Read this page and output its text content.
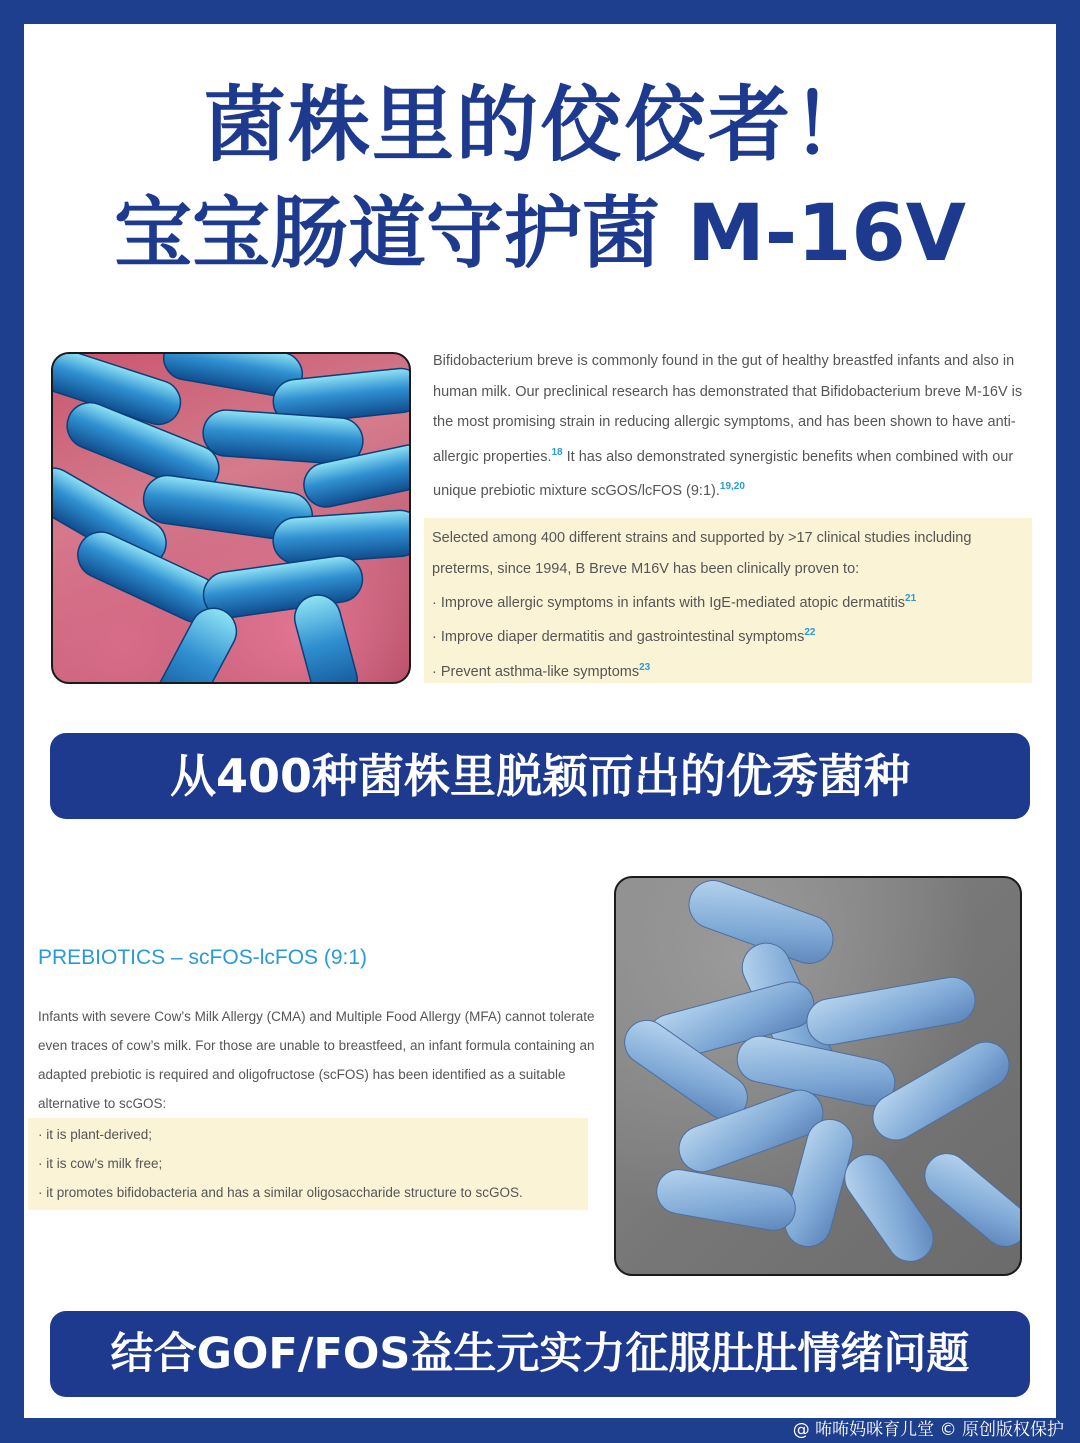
菌株里的佼佼者！
宝宝肠道守护菌 M-16V
Bifidobacterium breve is commonly found in the gut of healthy breastfed infants and also in human milk. Our preclinical research has demonstrated that Bifidobacterium breve M-16V is the most promising strain in reducing allergic symptoms, and has been shown to have anti-allergic properties.$^{18}$ It has also demonstrated synergistic benefits when combined with our unique prebiotic mixture scGOS/lcFOS (9:1).$^{19,20}$

Selected among 400 different strains and supported by >17 clinical studies including preterms, since 1994, B Breve M16V has been clinically proven to:

· Improve allergic symptoms in infants with IgE-mediated atopic dermatitis$^{21}$
· Improve diaper dermatitis and gastrointestinal symptoms$^{22}$
· Prevent asthma-like symptoms$^{23}$
从400种菌株里脱颖而出的优秀菌种
PREBIOTICS – scFOS-lcFOS (9:1)
Infants with severe Cow’s Milk Allergy (CMA) and Multiple Food Allergy (MFA) cannot tolerate even traces of cow’s milk. For those are unable to breastfeed, an infant formula containing an adapted prebiotic is required and oligofructose (scFOS) has been identified as a suitable alternative to scGOS:
· it is plant-derived;
· it is cow’s milk free;
· it promotes bifidobacteria and has a similar oligosaccharide structure to scGOS.
结合GOF/FOS益生元实力征服肚肚情绪问题
@ 咘咘妈咪育儿堂 © 原创版权保护
